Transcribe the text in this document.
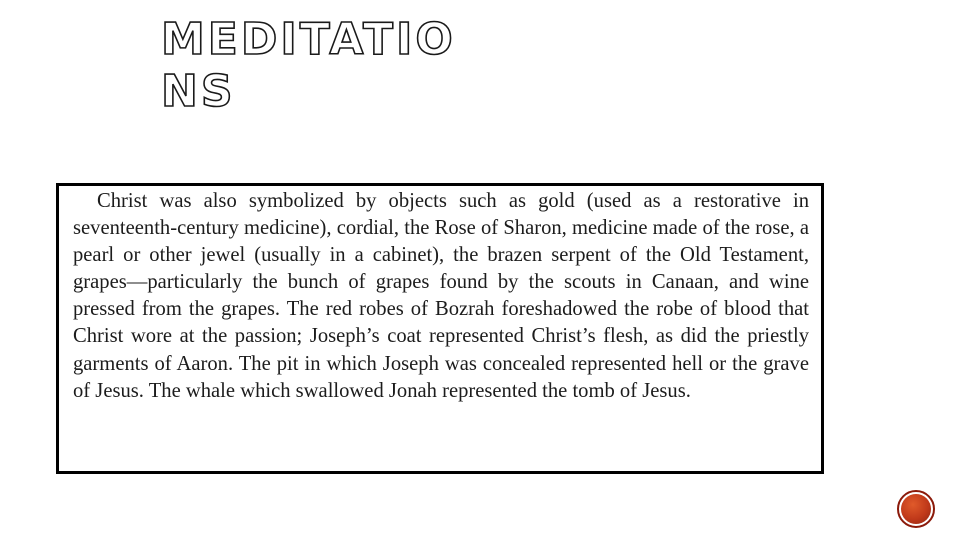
MEDITATIO
NS

Christ was also symbolized by objects such as gold (used as a restorative in seventeenth-century medicine), cordial, the Rose of Sharon, medicine made of the rose, a pearl or other jewel (usually in a cabinet), the brazen serpent of the Old Testament, grapes—particularly the bunch of grapes found by the scouts in Canaan, and wine pressed from the grapes. The red robes of Bozrah foreshadowed the robe of blood that Christ wore at the passion; Joseph’s coat represented Christ’s flesh, as did the priestly garments of Aaron. The pit in which Joseph was concealed represented hell or the grave of Jesus. The whale which swallowed Jonah represented the tomb of Jesus.
